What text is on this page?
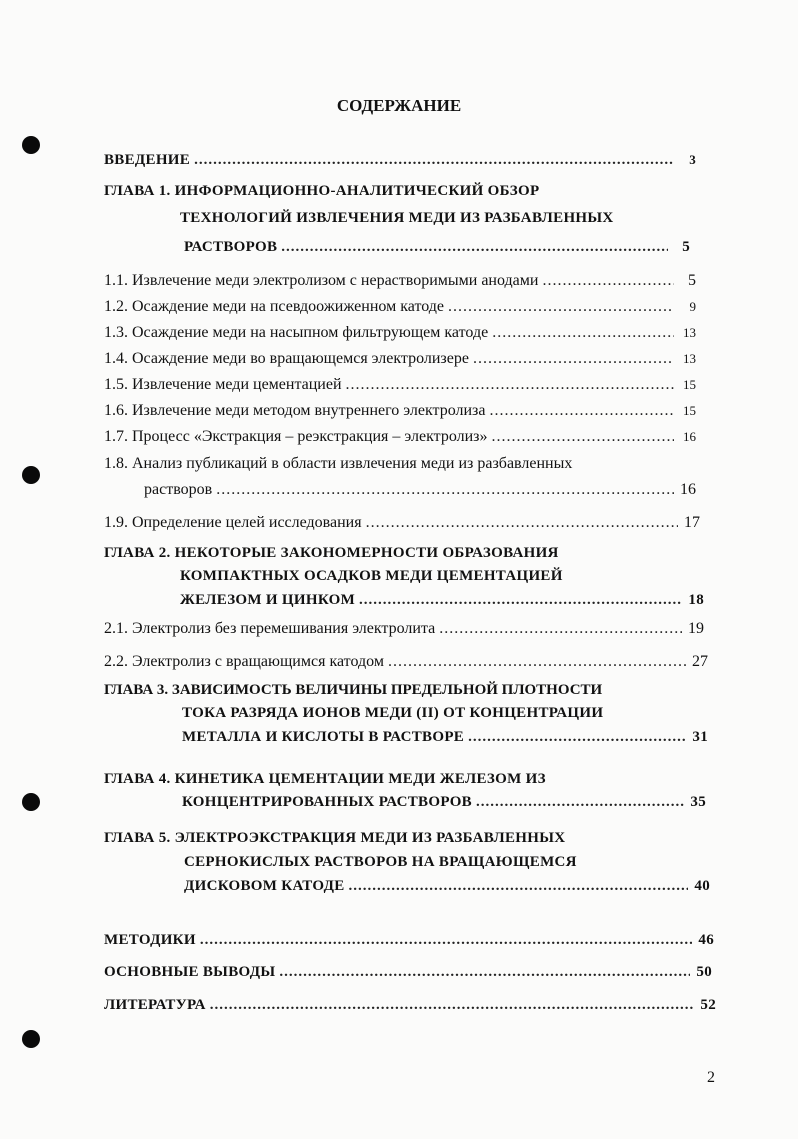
СОДЕРЖАНИЕ
ВВЕДЕНИЕ .....	3
ГЛАВА 1. ИНФОРМАЦИОННО-АНАЛИТИЧЕСКИЙ ОБЗОР
ТЕХНОЛОГИЙ ИЗВЛЕЧЕНИЯ МЕДИ ИЗ РАЗБАВЛЕННЫХ
РАСТВОРОВ .....	5
1.1. Извлечение меди электролизом с нерастворимыми анодами .....	5
1.2. Осаждение меди на псевдоожиженном катоде .....	9
1.3. Осаждение меди на насыпном фильтрующем катоде .....	13
1.4. Осаждение меди во вращающемся электролизере .....	13
1.5. Извлечение меди цементацией .....	15
1.6. Извлечение меди методом внутреннего электролиза .....	15
1.7. Процесс «Экстракция – реэкстракция – электролиз» .....	16
1.8. Анализ публикаций в области извлечения меди из разбавленных
растворов .....	16
1.9. Определение целей исследования .....	17
ГЛАВА 2. НЕКОТОРЫЕ ЗАКОНОМЕРНОСТИ ОБРАЗОВАНИЯ
КОМПАКТНЫХ ОСАДКОВ МЕДИ ЦЕМЕНТАЦИЕЙ
ЖЕЛЕЗОМ И ЦИНКОМ .....	18
2.1. Электролиз без перемешивания электролита .....	19
2.2. Электролиз с вращающимся катодом .....	27
ГЛАВА 3. ЗАВИСИМОСТЬ ВЕЛИЧИНЫ ПРЕДЕЛЬНОЙ ПЛОТНОСТИ
ТОКА РАЗРЯДА ИОНОВ МЕДИ (II) ОТ КОНЦЕНТРАЦИИ
МЕТАЛЛА И КИСЛОТЫ В РАСТВОРЕ .....	31
ГЛАВА 4. КИНЕТИКА ЦЕМЕНТАЦИИ МЕДИ ЖЕЛЕЗОМ ИЗ
КОНЦЕНТРИРОВАННЫХ РАСТВОРОВ .....	35
ГЛАВА 5. ЭЛЕКТРОЭКСТРАКЦИЯ МЕДИ ИЗ РАЗБАВЛЕННЫХ
СЕРНОКИСЛЫХ РАСТВОРОВ НА ВРАЩАЮЩЕМСЯ
ДИСКОВОМ КАТОДЕ .....	40
МЕТОДИКИ .....	46
ОСНОВНЫЕ ВЫВОДЫ .....	50
ЛИТЕРАТУРА .....	52
2
